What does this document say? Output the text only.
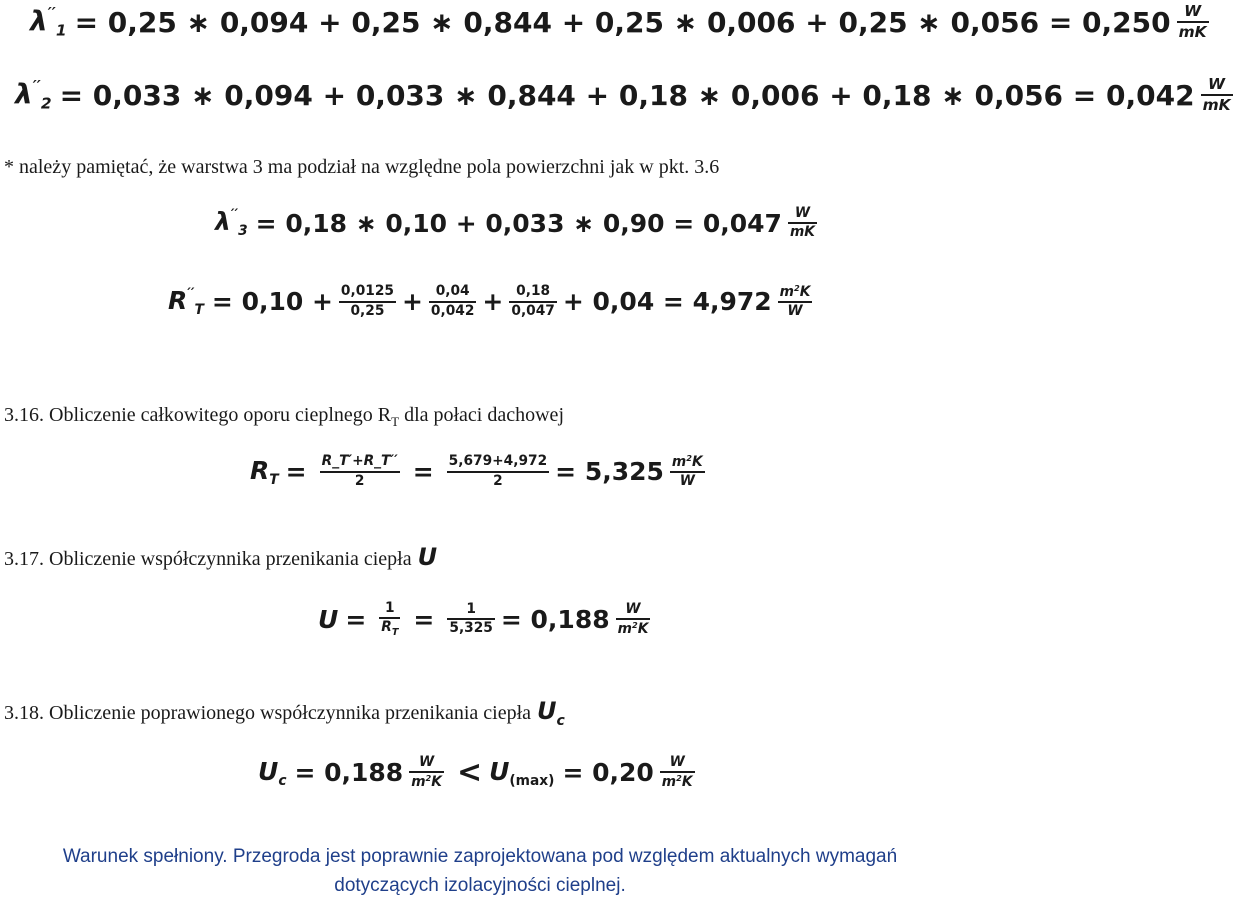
$\lambda''_1 = 0,25$ ∗ 0,094 + 0,25 ∗ 0,844 + 0,25 ∗ 0,006 + 0,25 ∗ $0,056 = 0,250 \frac{W}{mK}$
$\lambda''_2 = 0,033$ ∗ 0,094 + 0,033 ∗ 0,844 + 0,18 ∗ 0,006 + 0,18 ∗ $0,056 = 0,042 \frac{W}{mK}$
* należy pamiętać, że warstwa 3 ma podział na względne pola powierzchni jak w pkt. 3.6
$\lambda''_3 = 0,18$ ∗ 0,10 + 0,033 ∗ $0,90 = 0,047 \frac{W}{mK}$
$R''_T = 0,10 + \frac{0,0125}{0,25} + \frac{0,04}{0,042} + \frac{0,18}{0,047} + 0,04 = 4,972 \frac{m^2K}{W}$
3.16. Obliczenie całkowitego oporu cieplnego $R_T$ dla połaci dachowej
$R_T = \frac{R\_T'+R\_T''}{2} = \frac{5,679+4,972}{2} = 5,325 \frac{m^2K}{W}$
3.17. Obliczenie współczynnika przenikania ciepła U
$U = \frac{1}{R_T} = \frac{1}{5,325} = 0,188 \frac{W}{m^2K}$
3.18. Obliczenie poprawionego współczynnika przenikania ciepła $U_c$
$U_c = 0,188 \frac{W}{m^2K} < U_{(max)} = 0,20 \frac{W}{m^2K}$
Warunek spełniony. Przegroda jest poprawnie zaprojektowana pod względem aktualnych wymagań
dotyczących izolacyjności cieplnej.
